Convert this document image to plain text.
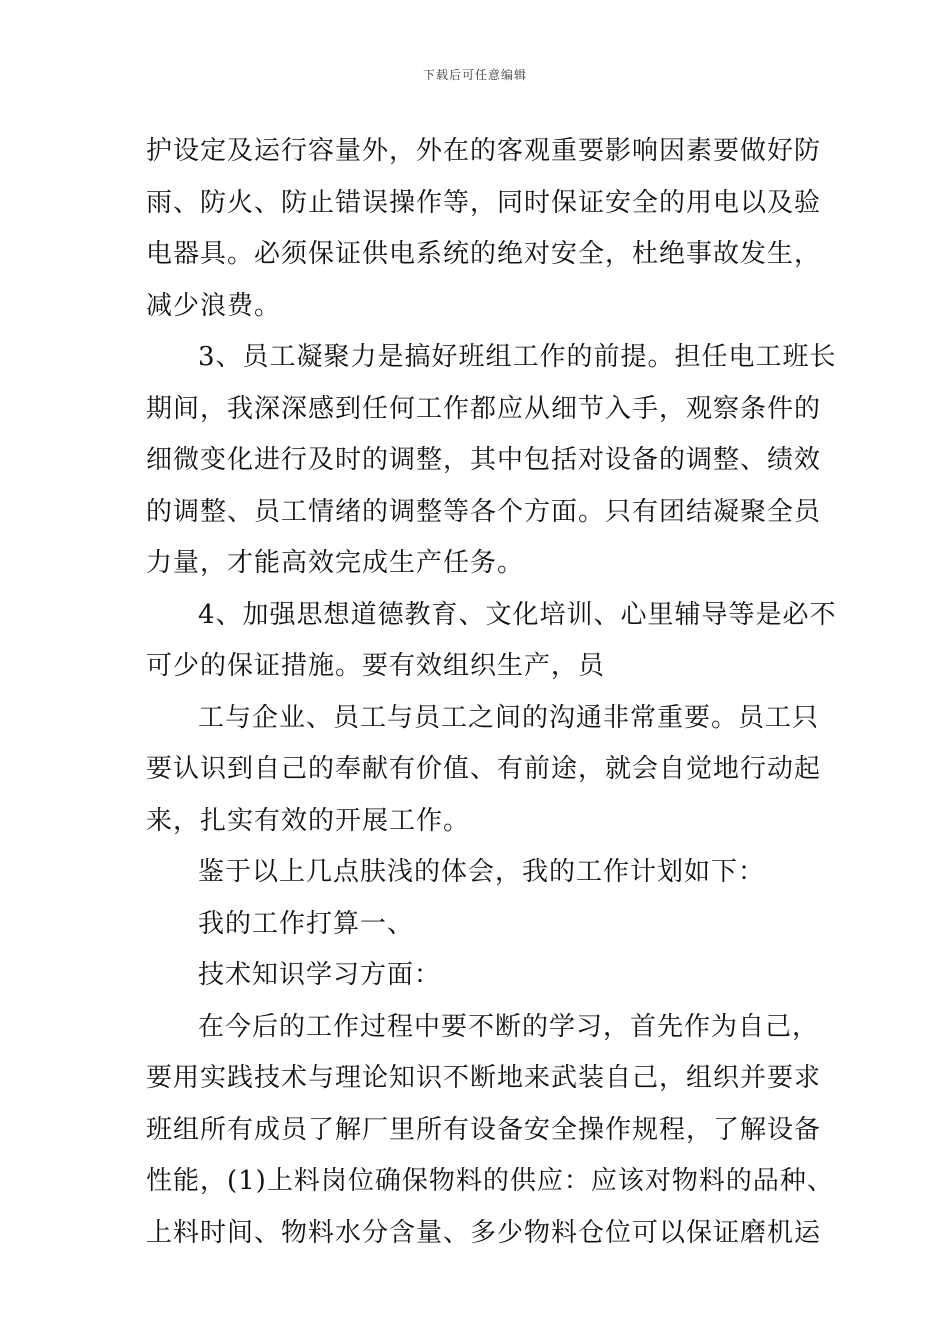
下载后可任意编辑
护设定及运行容量外，外在的客观重要影响因素要做好防
雨、防火、防止错误操作等，同时保证安全的用电以及验
电器具。必须保证供电系统的绝对安全，杜绝事故发生，
减少浪费。
3、员工凝聚力是搞好班组工作的前提。担任电工班长
期间，我深深感到任何工作都应从细节入手，观察条件的
细微变化进行及时的调整，其中包括对设备的调整、绩效
的调整、员工情绪的调整等各个方面。只有团结凝聚全员
力量，才能高效完成生产任务。
4、加强思想道德教育、文化培训、心里辅导等是必不
可少的保证措施。要有效组织生产，员
工与企业、员工与员工之间的沟通非常重要。员工只
要认识到自己的奉献有价值、有前途，就会自觉地行动起
来，扎实有效的开展工作。
鉴于以上几点肤浅的体会，我的工作计划如下：
我的工作打算一、
技术知识学习方面：
在今后的工作过程中要不断的学习，首先作为自己，
要用实践技术与理论知识不断地来武装自己，组织并要求
班组所有成员了解厂里所有设备安全操作规程，了解设备
性能，(1)上料岗位确保物料的供应：应该对物料的品种、
上料时间、物料水分含量、多少物料仓位可以保证磨机运
